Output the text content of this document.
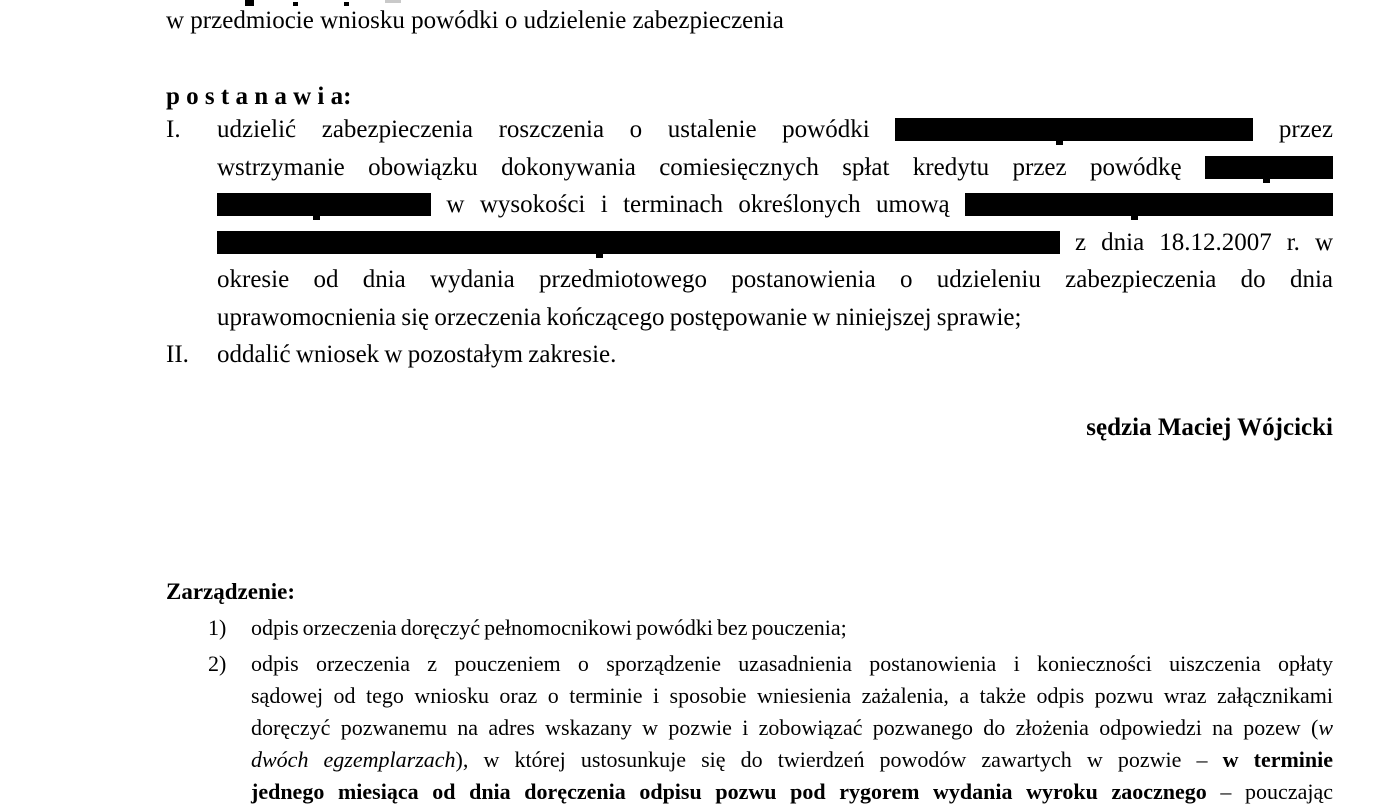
w przedmiocie wniosku powódki o udzielenie zabezpieczenia
p o s t a n a w i a:
I. udzielić zabezpieczenia roszczenia o ustalenie powódki	przez
wstrzymanie obowiązku dokonywania comiesięcznych spłat kredytu przez powódkę
w wysokości i terminach określonych umową
z dnia 18.12.2007 r. w
okresie od dnia wydania przedmiotowego postanowienia o udzieleniu zabezpieczenia do dnia
uprawomocnienia się orzeczenia kończącego postępowanie w niniejszej sprawie;
II. oddalić wniosek w pozostałym zakresie.
sędzia Maciej Wójcicki
Zarządzenie:
1) odpis orzeczenia doręczyć pełnomocnikowi powódki bez pouczenia;
2) odpis orzeczenia z pouczeniem o sporządzenie uzasadnienia postanowienia i konieczności uiszczenia opłaty
sądowej od tego wniosku oraz o terminie i sposobie wniesienia zażalenia, a także odpis pozwu wraz załącznikami
doręczyć pozwanemu na adres wskazany w pozwie i zobowiązać pozwanego do złożenia odpowiedzi na pozew (w
dwóch egzemplarzach), w której ustosunkuje się do twierdzeń powodów zawartych w pozwie – w terminie
jednego miesiąca od dnia doręczenia odpisu pozwu pod rygorem wydania wyroku zaocznego – pouczając
